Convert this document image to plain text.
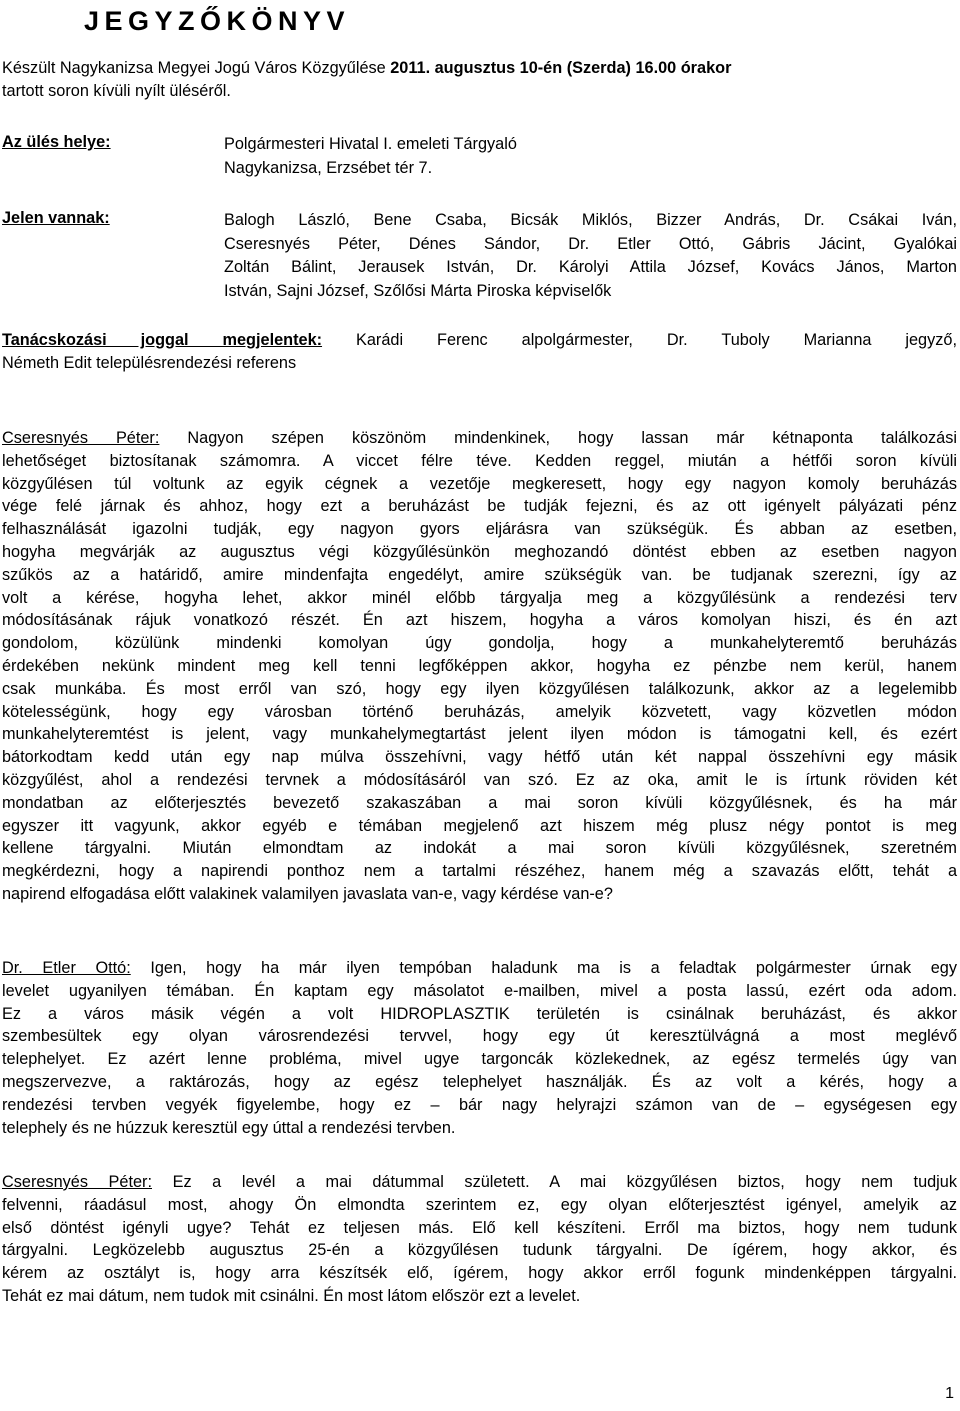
JEGYZŐKÖNYV
Készült Nagykanizsa Megyei Jogú Város Közgyűlése 2011. augusztus 10-én (Szerda) 16.00 órakor
tartott soron kívüli nyílt üléséről.
Az ülés helye:	Polgármesteri Hivatal I. emeleti Tárgyaló
Nagykanizsa, Erzsébet tér 7.
Jelen vannak:	Balogh László, Bene Csaba, Bicsák Miklós, Bizzer András, Dr. Csákai Iván,
Cseresnyés Péter, Dénes Sándor, Dr. Etler Ottó, Gábris Jácint, Gyalókai
Zoltán Bálint, Jerausek István, Dr. Károlyi Attila József, Kovács János, Marton
István, Sajni József, Szőlősi Márta Piroska képviselők
Tanácskozási joggal megjelentek: Karádi Ferenc alpolgármester, Dr. Tuboly Marianna jegyző,
Németh Edit településrendezési referens
Cseresnyés Péter: Nagyon szépen köszönöm mindenkinek, hogy lassan már kétnaponta találkozási
lehetőséget biztosítanak számomra. A viccet félre téve. Kedden reggel, miután a hétfői soron kívüli
közgyűlésen túl voltunk az egyik cégnek a vezetője megkeresett, hogy egy nagyon komoly beruházás
vége felé járnak és ahhoz, hogy ezt a beruházást be tudják fejezni, és az ott igényelt pályázati pénz
felhasználását igazolni tudják, egy nagyon gyors eljárásra van szükségük. És abban az esetben,
hogyha megvárják az augusztus végi közgyűlésünkön meghozandó döntést ebben az esetben nagyon
szűkös az a határidő, amire mindenfajta engedélyt, amire szükségük van. be tudjanak szerezni, így az
volt a kérése, hogyha lehet, akkor minél előbb tárgyalja meg a közgyűlésünk a rendezési terv
módosításának rájuk vonatkozó részét. Én azt hiszem, hogyha a város komolyan hiszi, és én azt
gondolom, közülünk mindenki komolyan úgy gondolja, hogy a munkahelyteremtő beruházás
érdekében nekünk mindent meg kell tenni legfőképpen akkor, hogyha ez pénzbe nem kerül, hanem
csak munkába. És most erről van szó, hogy egy ilyen közgyűlésen találkozunk, akkor az a legelemibb
kötelességünk, hogy egy városban történő beruházás, amelyik közvetett, vagy közvetlen módon
munkahelyteremtést is jelent, vagy munkahelymegtartást jelent ilyen módon is támogatni kell, és ezért
bátorkodtam kedd után egy nap múlva összehívni, vagy hétfő után két nappal összehívni egy másik
közgyűlést, ahol a rendezési tervnek a módosításáról van szó. Ez az oka, amit le is írtunk röviden két
mondatban az előterjesztés bevezető szakaszában a mai soron kívüli közgyűlésnek, és ha már
egyszer itt vagyunk, akkor egyéb e témában megjelenő azt hiszem még plusz négy pontot is meg
kellene tárgyalni. Miután elmondtam az indokát a mai soron kívüli közgyűlésnek, szeretném
megkérdezni, hogy a napirendi ponthoz nem a tartalmi részéhez, hanem még a szavazás előtt, tehát a
napirend elfogadása előtt valakinek valamilyen javaslata van-e, vagy kérdése van-e?
Dr. Etler Ottó: Igen, hogy ha már ilyen tempóban haladunk ma is a feladtak polgármester úrnak egy
levelet ugyanilyen témában. Én kaptam egy másolatot e-mailben, mivel a posta lassú, ezért oda adom.
Ez a város másik végén a volt HIDROPLASZTIK területén is csinálnak beruházást, és akkor
szembesültek egy olyan városrendezési tervvel, hogy egy út keresztülvágná a most meglévő
telephelyet. Ez azért lenne probléma, mivel ugye targoncák közlekednek, az egész termelés úgy van
megszervezve, a raktározás, hogy az egész telephelyet használják. És az volt a kérés, hogy a
rendezési tervben vegyék figyelembe, hogy ez – bár nagy helyrajzi számon van de – egységesen egy
telephely és ne húzzuk keresztül egy úttal a rendezési tervben.
Cseresnyés Péter: Ez a levél a mai dátummal született. A mai közgyűlésen biztos, hogy nem tudjuk
felvenni, ráadásul most, ahogy Ön elmondta szerintem ez, egy olyan előterjesztést igényel, amelyik az
első döntést igényli ugye? Tehát ez teljesen más. Elő kell készíteni. Erről ma biztos, hogy nem tudunk
tárgyalni. Legközelebb augusztus 25-én a közgyűlésen tudunk tárgyalni. De ígérem, hogy akkor, és
kérem az osztályt is, hogy arra készítsék elő, ígérem, hogy akkor erről fogunk mindenképpen tárgyalni.
Tehát ez mai dátum, nem tudok mit csinálni. Én most látom először ezt a levelet.
1
